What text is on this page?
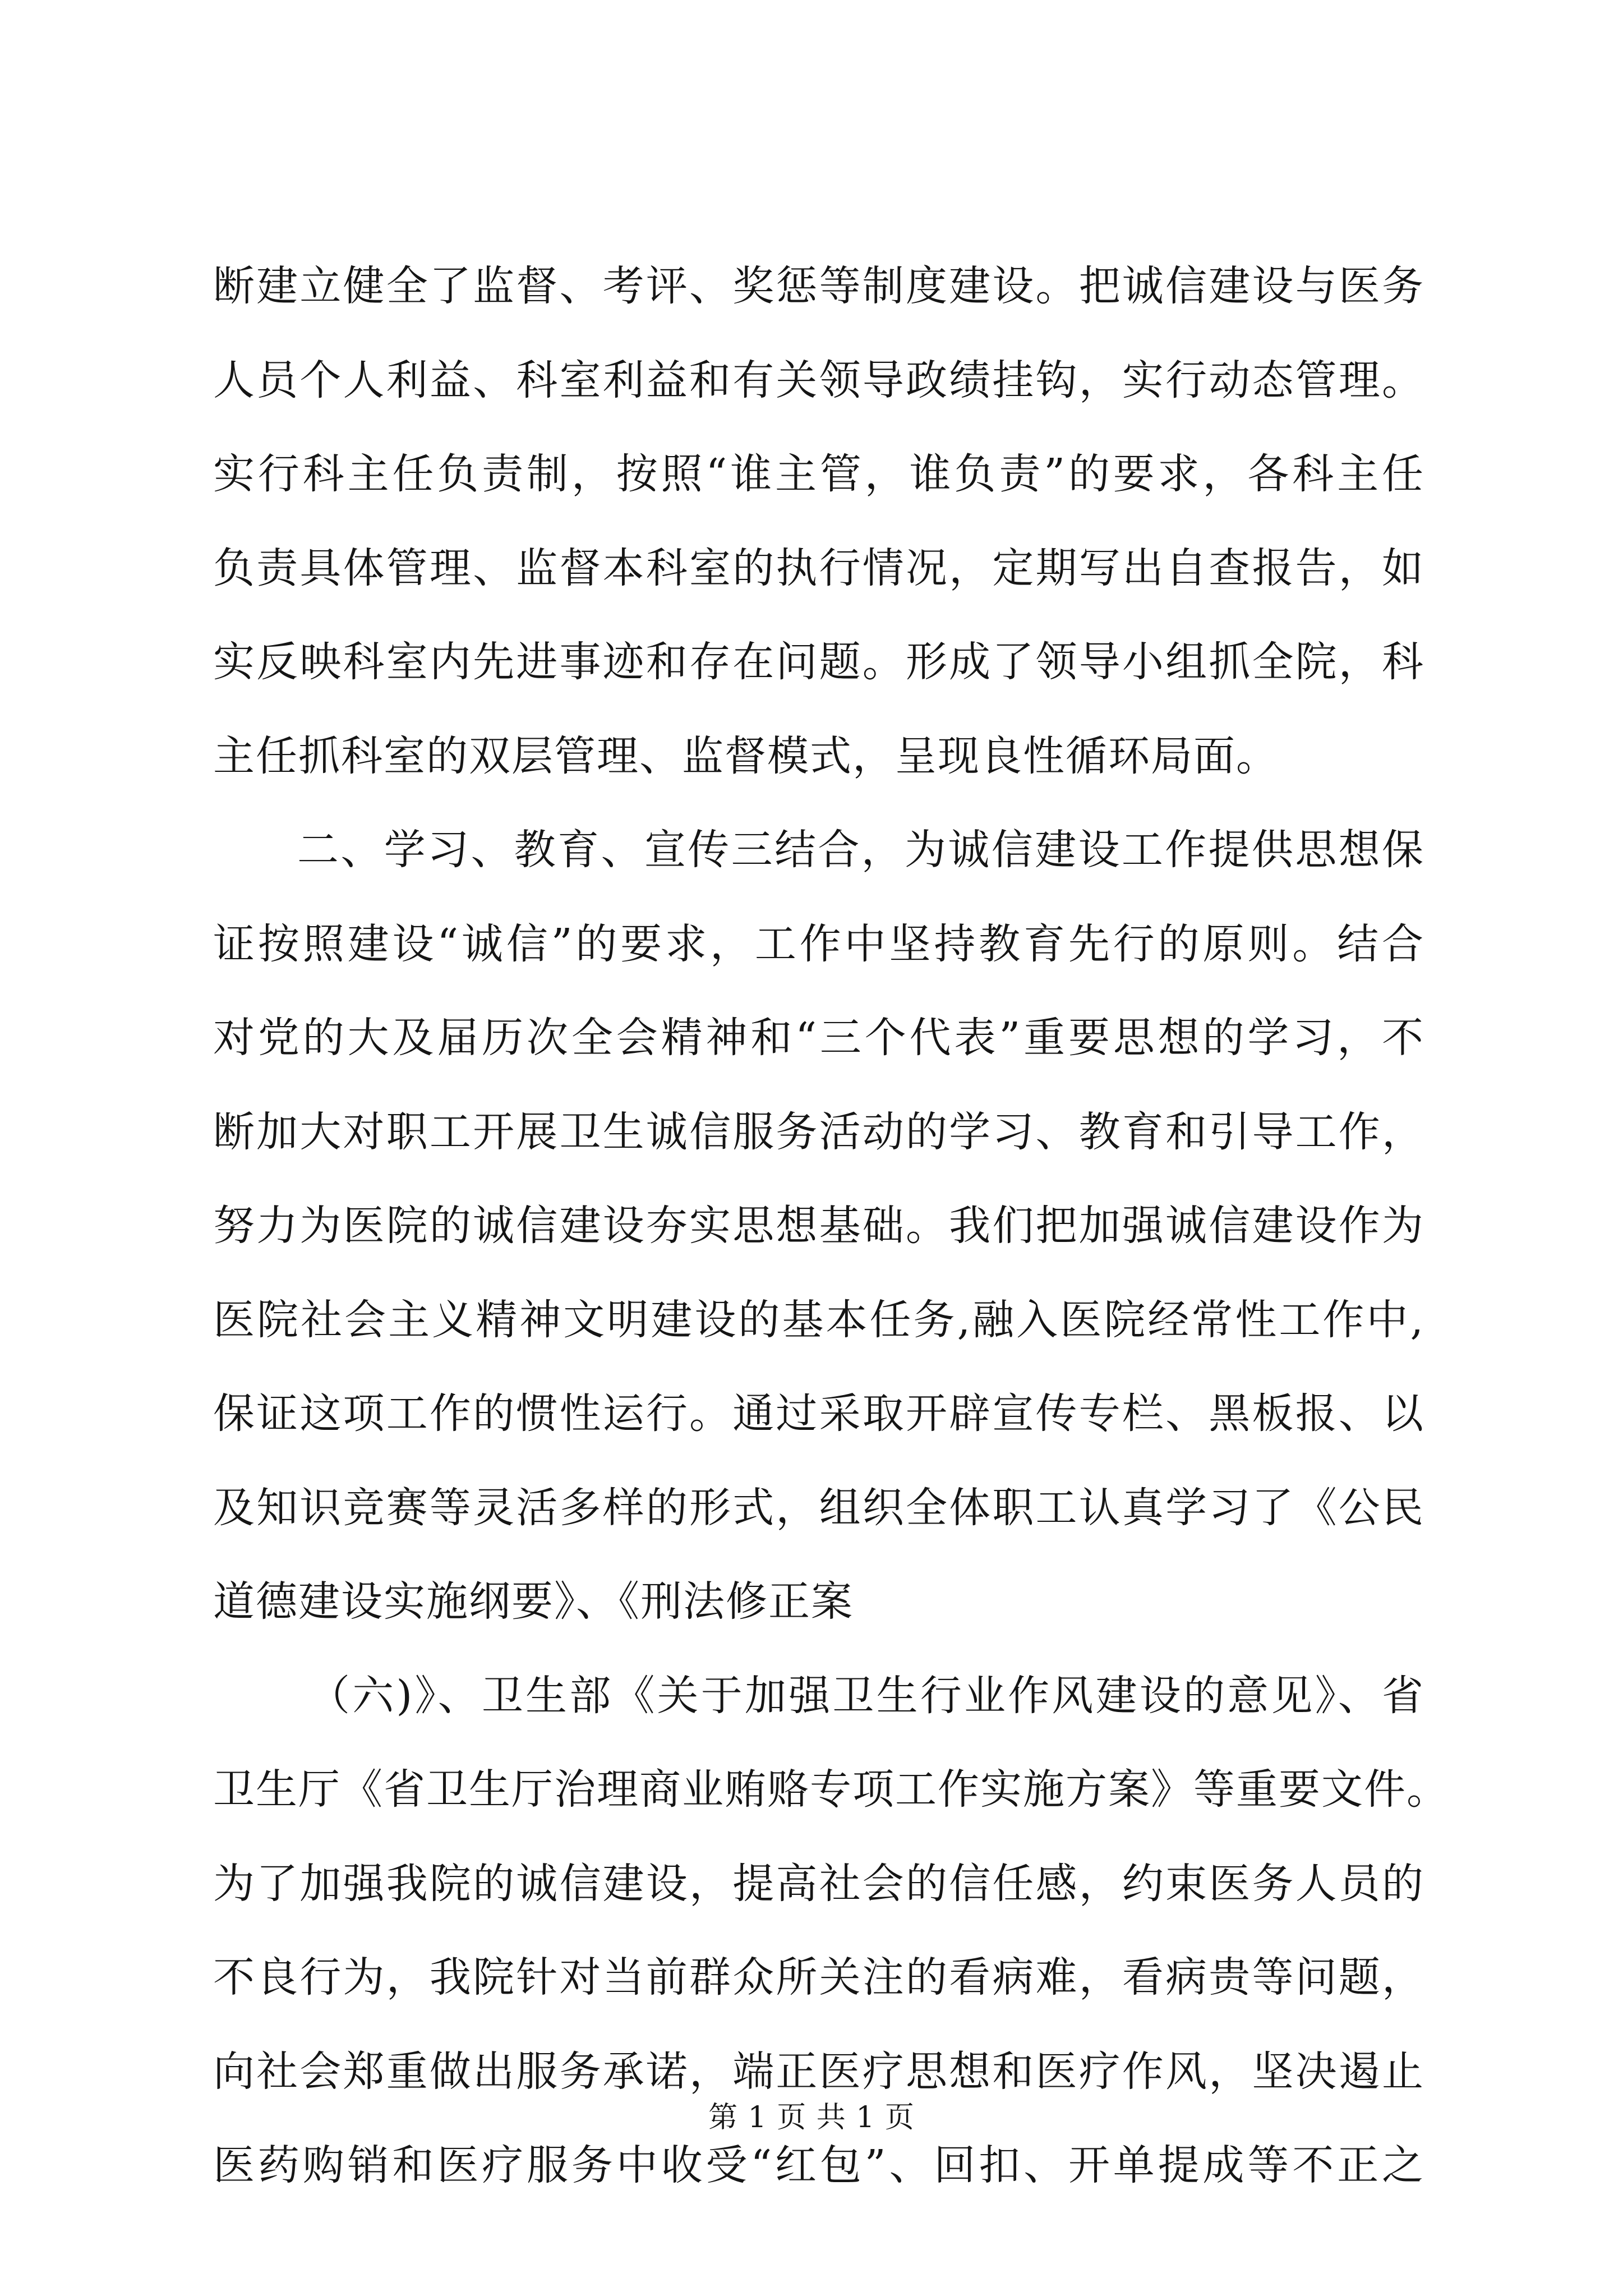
断建立健全了监督、考评、奖惩等制度建设。把诚信建设与医务
人员个人利益、科室利益和有关领导政绩挂钩，实行动态管理。
实行科主任负责制，按照“谁主管，谁负责”的要求，各科主任
负责具体管理、监督本科室的执行情况，定期写出自查报告，如
实反映科室内先进事迹和存在问题。形成了领导小组抓全院，科
主任抓科室的双层管理、监督模式，呈现良性循环局面。
二、学习、教育、宣传三结合，为诚信建设工作提供思想保
证按照建设“诚信”的要求，工作中坚持教育先行的原则。结合
对党的大及届历次全会精神和“三个代表”重要思想的学习，不
断加大对职工开展卫生诚信服务活动的学习、教育和引导工作，
努力为医院的诚信建设夯实思想基础。我们把加强诚信建设作为
医院社会主义精神文明建设的基本任务,融入医院经常性工作中,
保证这项工作的惯性运行。通过采取开辟宣传专栏、黑板报、以
及知识竞赛等灵活多样的形式，组织全体职工认真学习了《公民
道德建设实施纲要》、《刑法修正案
（六)》、卫生部《关于加强卫生行业作风建设的意见》、省
卫生厅《省卫生厅治理商业贿赂专项工作实施方案》等重要文件。
为了加强我院的诚信建设，提高社会的信任感，约束医务人员的
不良行为，我院针对当前群众所关注的看病难，看病贵等问题，
向社会郑重做出服务承诺，端正医疗思想和医疗作风，坚决遏止
医药购销和医疗服务中收受“红包”、回扣、开单提成等不正之
第 1 页 共 1 页
